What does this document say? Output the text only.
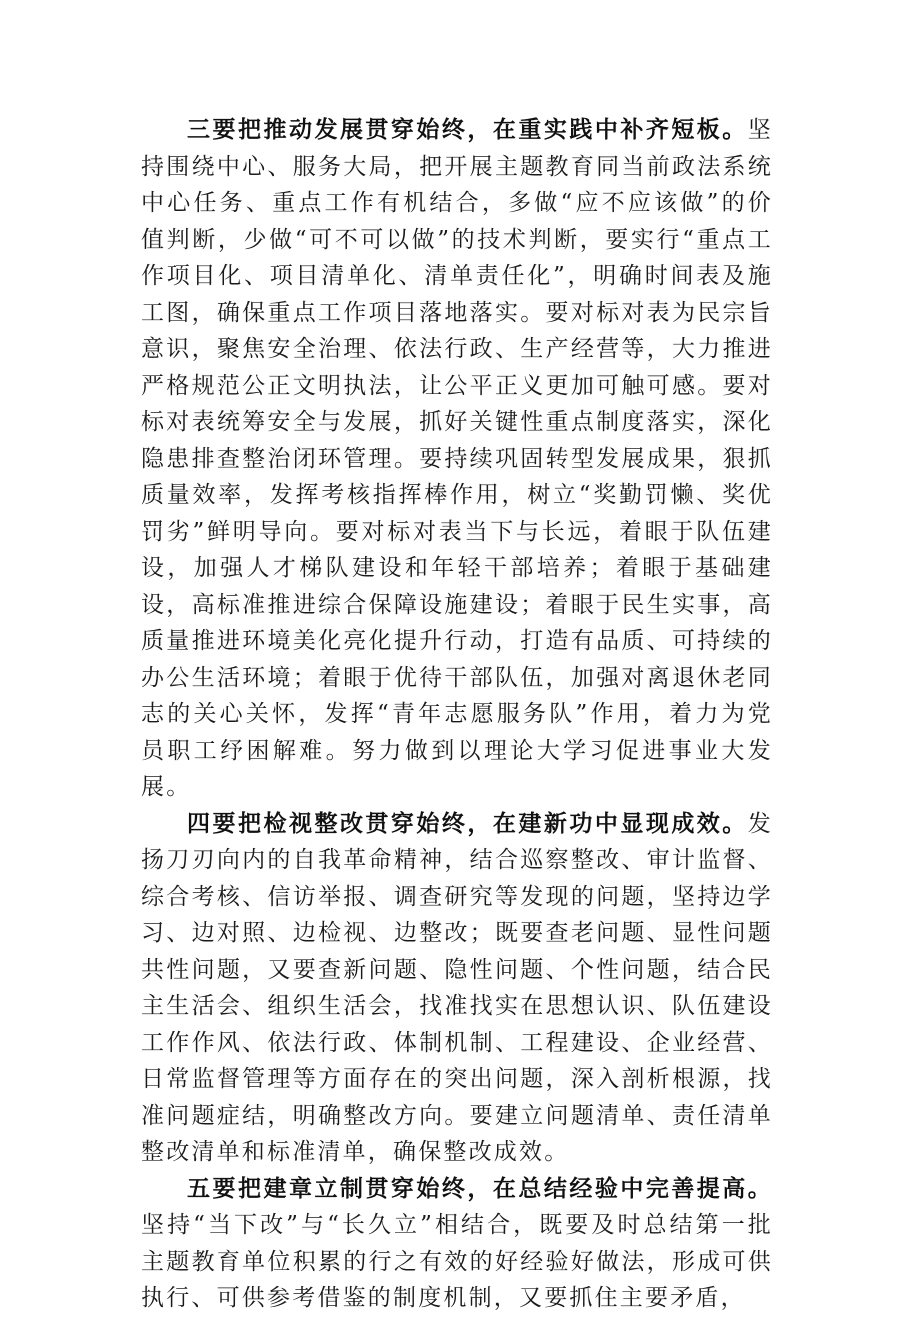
三要把推动发展贯穿始终，在重实践中补齐短板。坚持围绕中心、服务大局，把开展主题教育同当前政法系统中心任务、重点工作有机结合，多做“应不应该做”的价值判断，少做“可不可以做”的技术判断，要实行“重点工作项目化、项目清单化、清单责任化”，明确时间表及施工图，确保重点工作项目落地落实。要对标对表为民宗旨意识，聚焦安全治理、依法行政、生产经营等，大力推进严格规范公正文明执法，让公平正义更加可触可感。要对标对表统筹安全与发展，抓好关键性重点制度落实，深化隐患排查整治闭环管理。要持续巩固转型发展成果，狠抓质量效率，发挥考核指挥棒作用，树立“奖勤罚懒、奖优罚劣”鲜明导向。要对标对表当下与长远，着眼于队伍建设，加强人才梯队建设和年轻干部培养；着眼于基础建设，高标准推进综合保障设施建设；着眼于民生实事，高质量推进环境美化亮化提升行动，打造有品质、可持续的办公生活环境；着眼于优待干部队伍，加强对离退休老同志的关心关怀，发挥“青年志愿服务队”作用，着力为党员职工纾困解难。努力做到以理论大学习促进事业大发展。

四要把检视整改贯穿始终，在建新功中显现成效。发扬刀刃向内的自我革命精神，结合巡察整改、审计监督、综合考核、信访举报、调查研究等发现的问题，坚持边学习、边对照、边检视、边整改；既要查老问题、显性问题共性问题，又要查新问题、隐性问题、个性问题，结合民主生活会、组织生活会，找准找实在思想认识、队伍建设工作作风、依法行政、体制机制、工程建设、企业经营、日常监督管理等方面存在的突出问题，深入剖析根源，找准问题症结，明确整改方向。要建立问题清单、责任清单整改清单和标准清单，确保整改成效。

五要把建章立制贯穿始终，在总结经验中完善提高。坚持“当下改”与“长久立”相结合，既要及时总结第一批主题教育单位积累的行之有效的好经验好做法，形成可供执行、可供参考借鉴的制度机制，又要抓住主要矛盾，
